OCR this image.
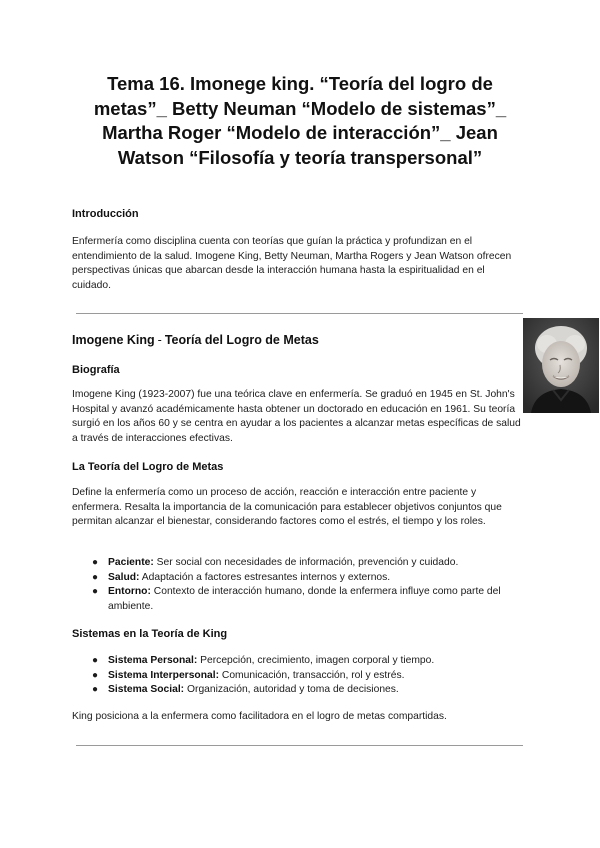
Tema 16. Imonege king. “Teoría del logro de metas”_ Betty Neuman “Modelo de sistemas”_ Martha Roger “Modelo de interacción”_ Jean Watson “Filosofía y teoría transpersonal”
Introducción
Enfermería como disciplina cuenta con teorías que guían la práctica y profundizan en el entendimiento de la salud. Imogene King, Betty Neuman, Martha Rogers y Jean Watson ofrecen perspectivas únicas que abarcan desde la interacción humana hasta la espiritualidad en el cuidado.
Imogene King - Teoría del Logro de Metas
Biografía
Imogene King (1923-2007) fue una teórica clave en enfermería. Se graduó en 1945 en St. John's Hospital y avanzó académicamente hasta obtener un doctorado en educación en 1961. Su teoría surgió en los años 60 y se centra en ayudar a los pacientes a alcanzar metas específicas de salud a través de interacciones efectivas.
La Teoría del Logro de Metas
Define la enfermería como un proceso de acción, reacción e interacción entre paciente y enfermera. Resalta la importancia de la comunicación para establecer objetivos conjuntos que permitan alcanzar el bienestar, considerando factores como el estrés, el tiempo y los roles.
● Paciente: Ser social con necesidades de información, prevención y cuidado.
● Salud: Adaptación a factores estresantes internos y externos.
● Entorno: Contexto de interacción humano, donde la enfermera influye como parte del ambiente.
Sistemas en la Teoría de King
● Sistema Personal: Percepción, crecimiento, imagen corporal y tiempo.
● Sistema Interpersonal: Comunicación, transacción, rol y estrés.
● Sistema Social: Organización, autoridad y toma de decisiones.
King posiciona a la enfermera como facilitadora en el logro de metas compartidas.
